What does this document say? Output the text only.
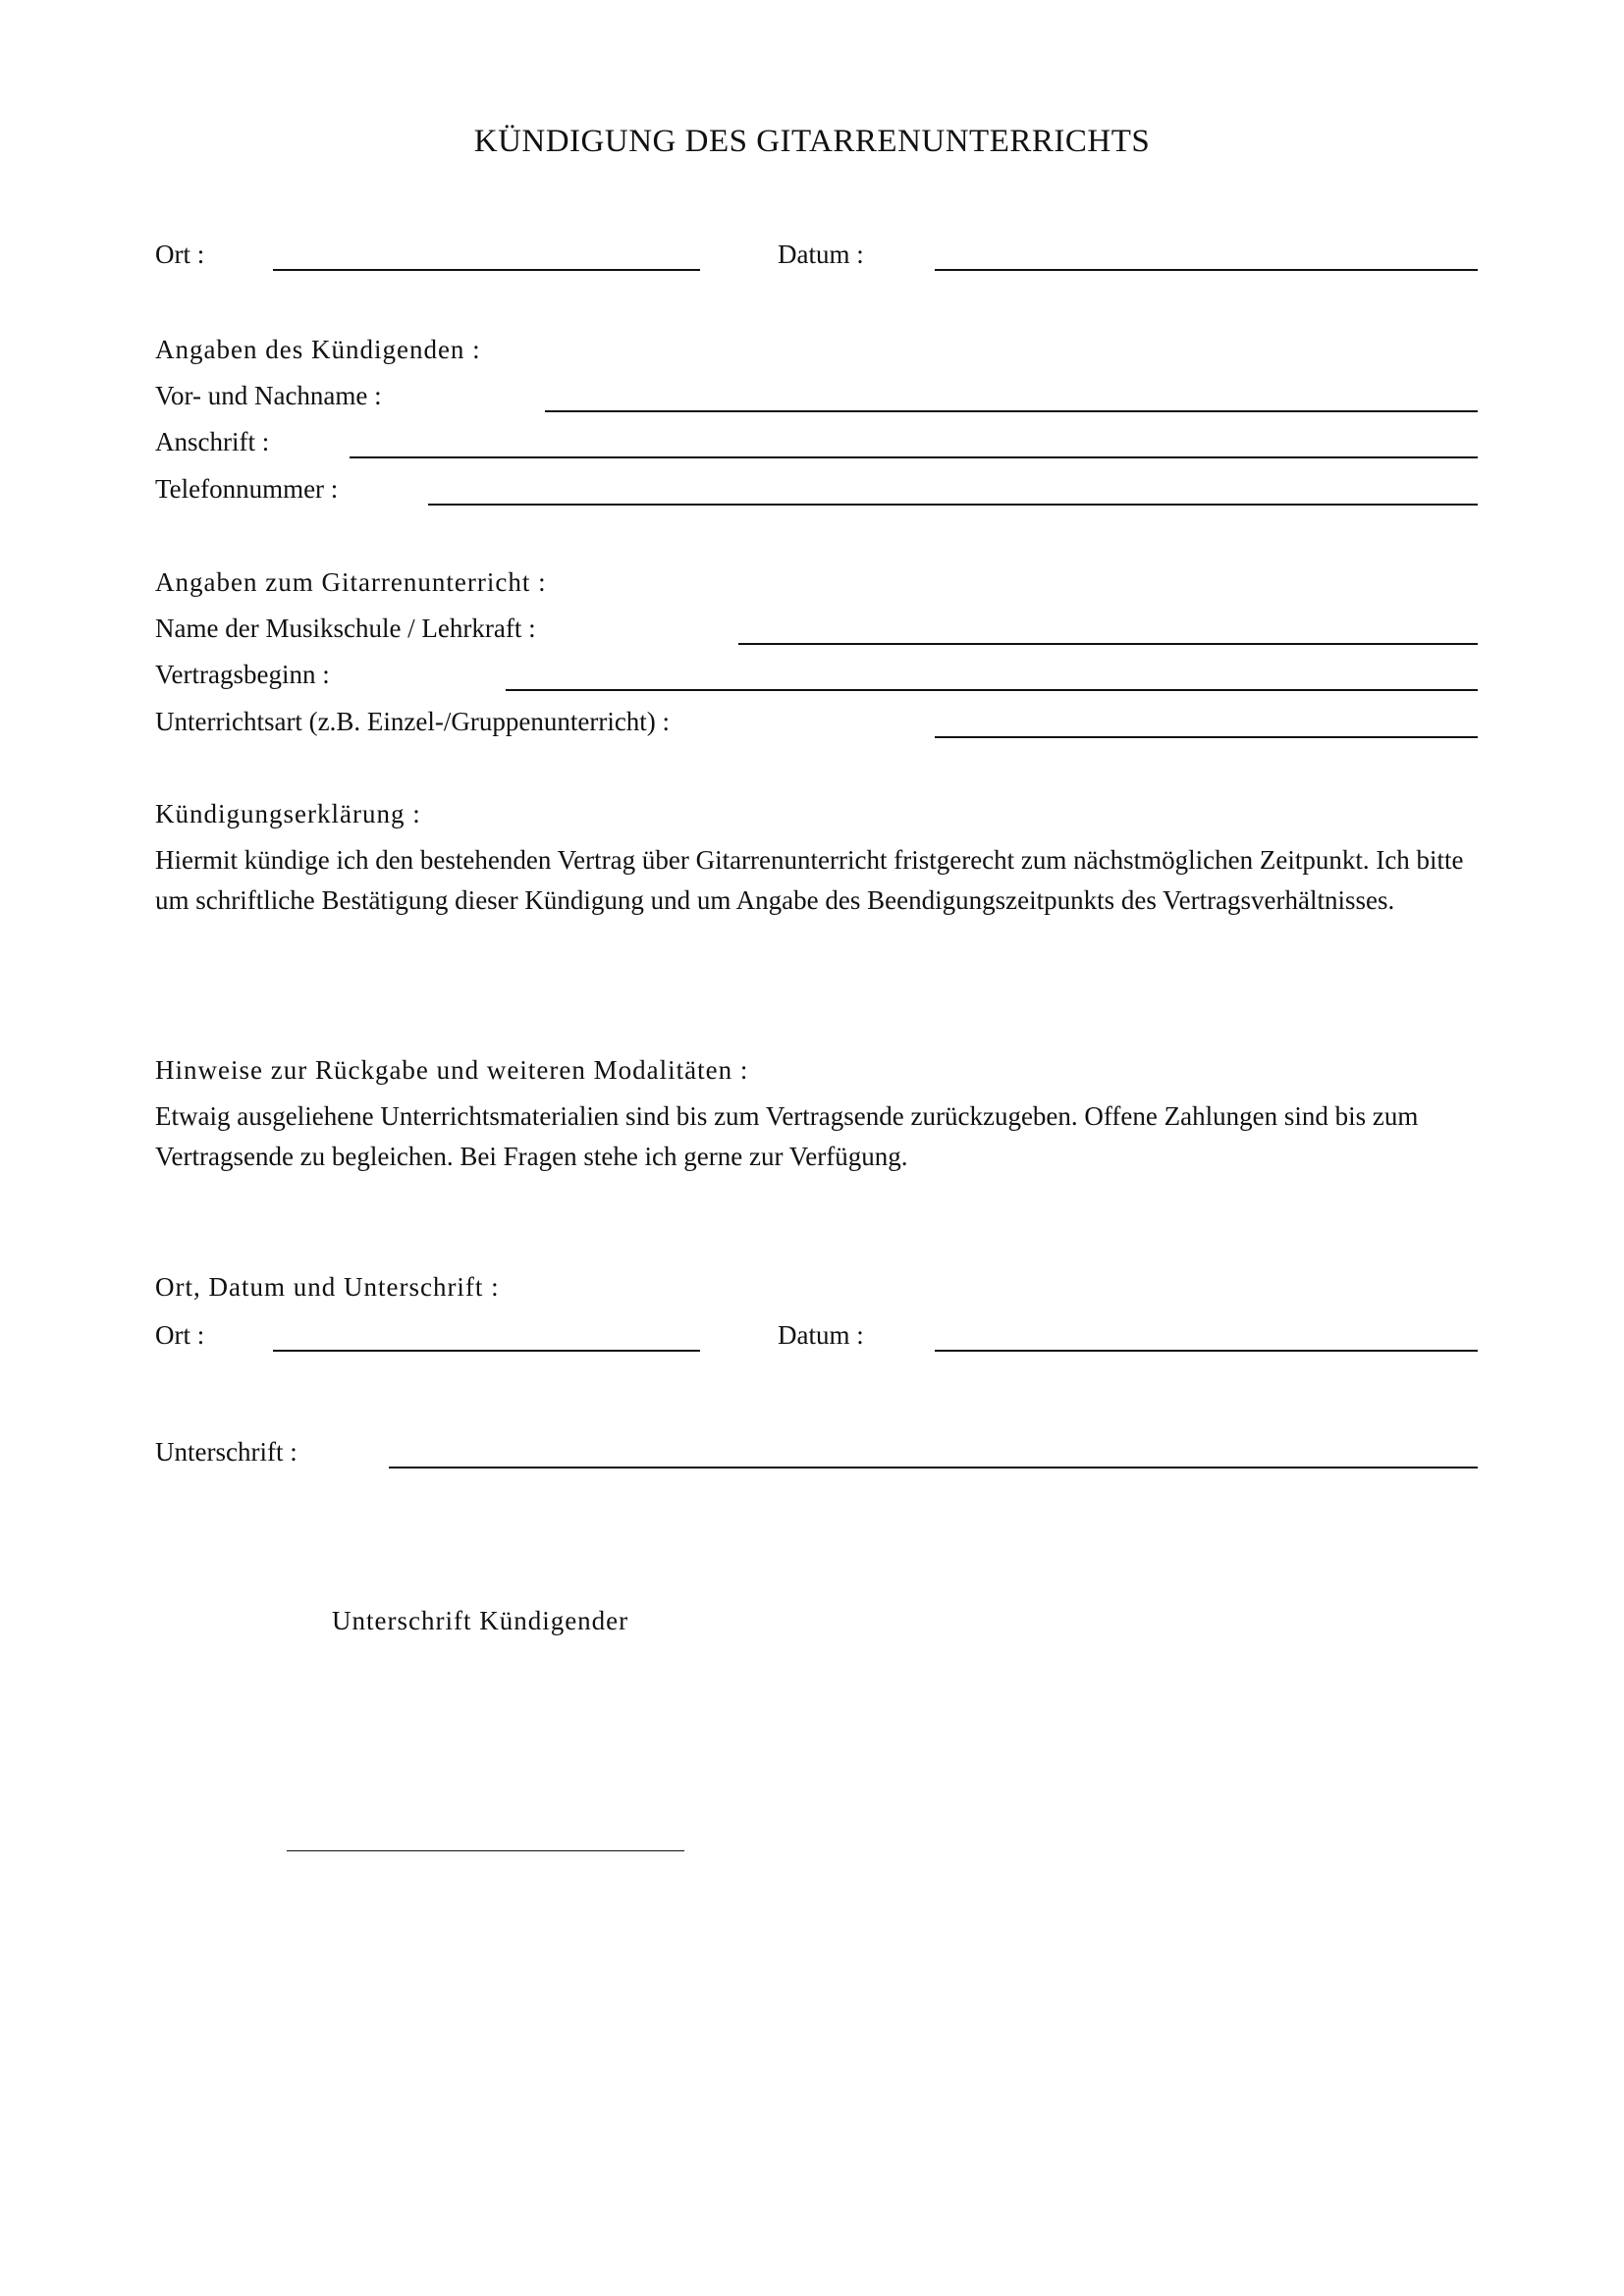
KÜNDIGUNG DES GITARRENUNTERRICHTS
Ort :	Datum :
Angaben des Kündigenden :
Vor- und Nachname :
Anschrift :
Telefonnummer :
Angaben zum Gitarrenunterricht :
Name der Musikschule / Lehrkraft :
Vertragsbeginn :
Unterrichtsart (z.B. Einzel-/Gruppenunterricht) :
Kündigungserklärung :
Hiermit kündige ich den bestehenden Vertrag über Gitarrenunterricht fristgerecht zum nächstmöglichen Zeitpunkt. Ich bitte um schriftliche Bestätigung dieser Kündigung und um Angabe des Beendigungszeitpunkts des Vertragsverhältnisses.
Hinweise zur Rückgabe und weiteren Modalitäten :
Etwaig ausgeliehene Unterrichtsmaterialien sind bis zum Vertragsende zurückzugeben. Offene Zahlungen sind bis zum Vertragsende zu begleichen. Bei Fragen stehe ich gerne zur Verfügung.
Ort, Datum und Unterschrift :
Ort :	Datum :
Unterschrift :
Unterschrift Kündigender
